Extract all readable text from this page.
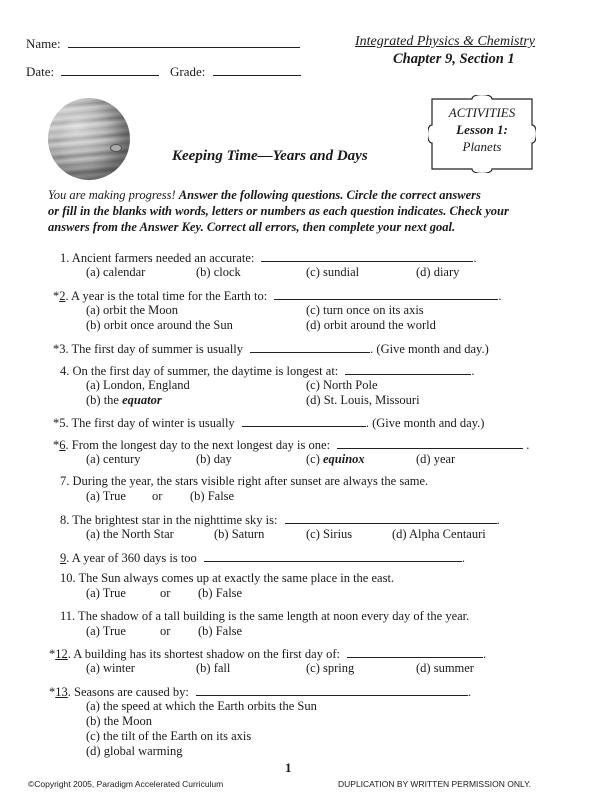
Name:
Date:	Grade:
Integrated Physics & Chemistry
Chapter 9, Section 1
ACTIVITIES
Lesson 1:
Planets
Keeping Time—Years and Days
You are making progress! Answer the following questions. Circle the correct answers
or fill in the blanks with words, letters or numbers as each question indicates. Check your
answers from the Answer Key. Correct all errors, then complete your next goal.
1. Ancient farmers needed an accurate:	.
(a) calendar	(b) clock	(c) sundial	(d) diary
*2. A year is the total time for the Earth to:	.
(a) orbit the Moon	(c) turn once on its axis
(b) orbit once around the Sun	(d) orbit around the world
*3. The first day of summer is usually	. (Give month and day.)
4. On the first day of summer, the daytime is longest at:	.
(a) London, England	(c) North Pole
(b) the equator	(d) St. Louis, Missouri
*5. The first day of winter is usually	. (Give month and day.)
*6. From the longest day to the next longest day is one:	.
(a) century	(b) day	(c) equinox	(d) year
7. During the year, the stars visible right after sunset are always the same.
(a) True or (b) False
8. The brightest star in the nighttime sky is:	.
(a) the North Star	(b) Saturn	(c) Sirius	(d) Alpha Centauri
9. A year of 360 days is too	.
10. The Sun always comes up at exactly the same place in the east.
(a) True	or (b) False
11. The shadow of a tall building is the same length at noon every day of the year.
(a) True	or (b) False
*12. A building has its shortest shadow on the first day of:	.
(a) winter	(b) fall	(c) spring	(d) summer
*13. Seasons are caused by:	.
(a) the speed at which the Earth orbits the Sun
(b) the Moon
(c) the tilt of the Earth on its axis
(d) global warming
1
©Copyright 2005, Paradigm Accelerated Curriculum	DUPLICATION BY WRITTEN PERMISSION ONLY.
